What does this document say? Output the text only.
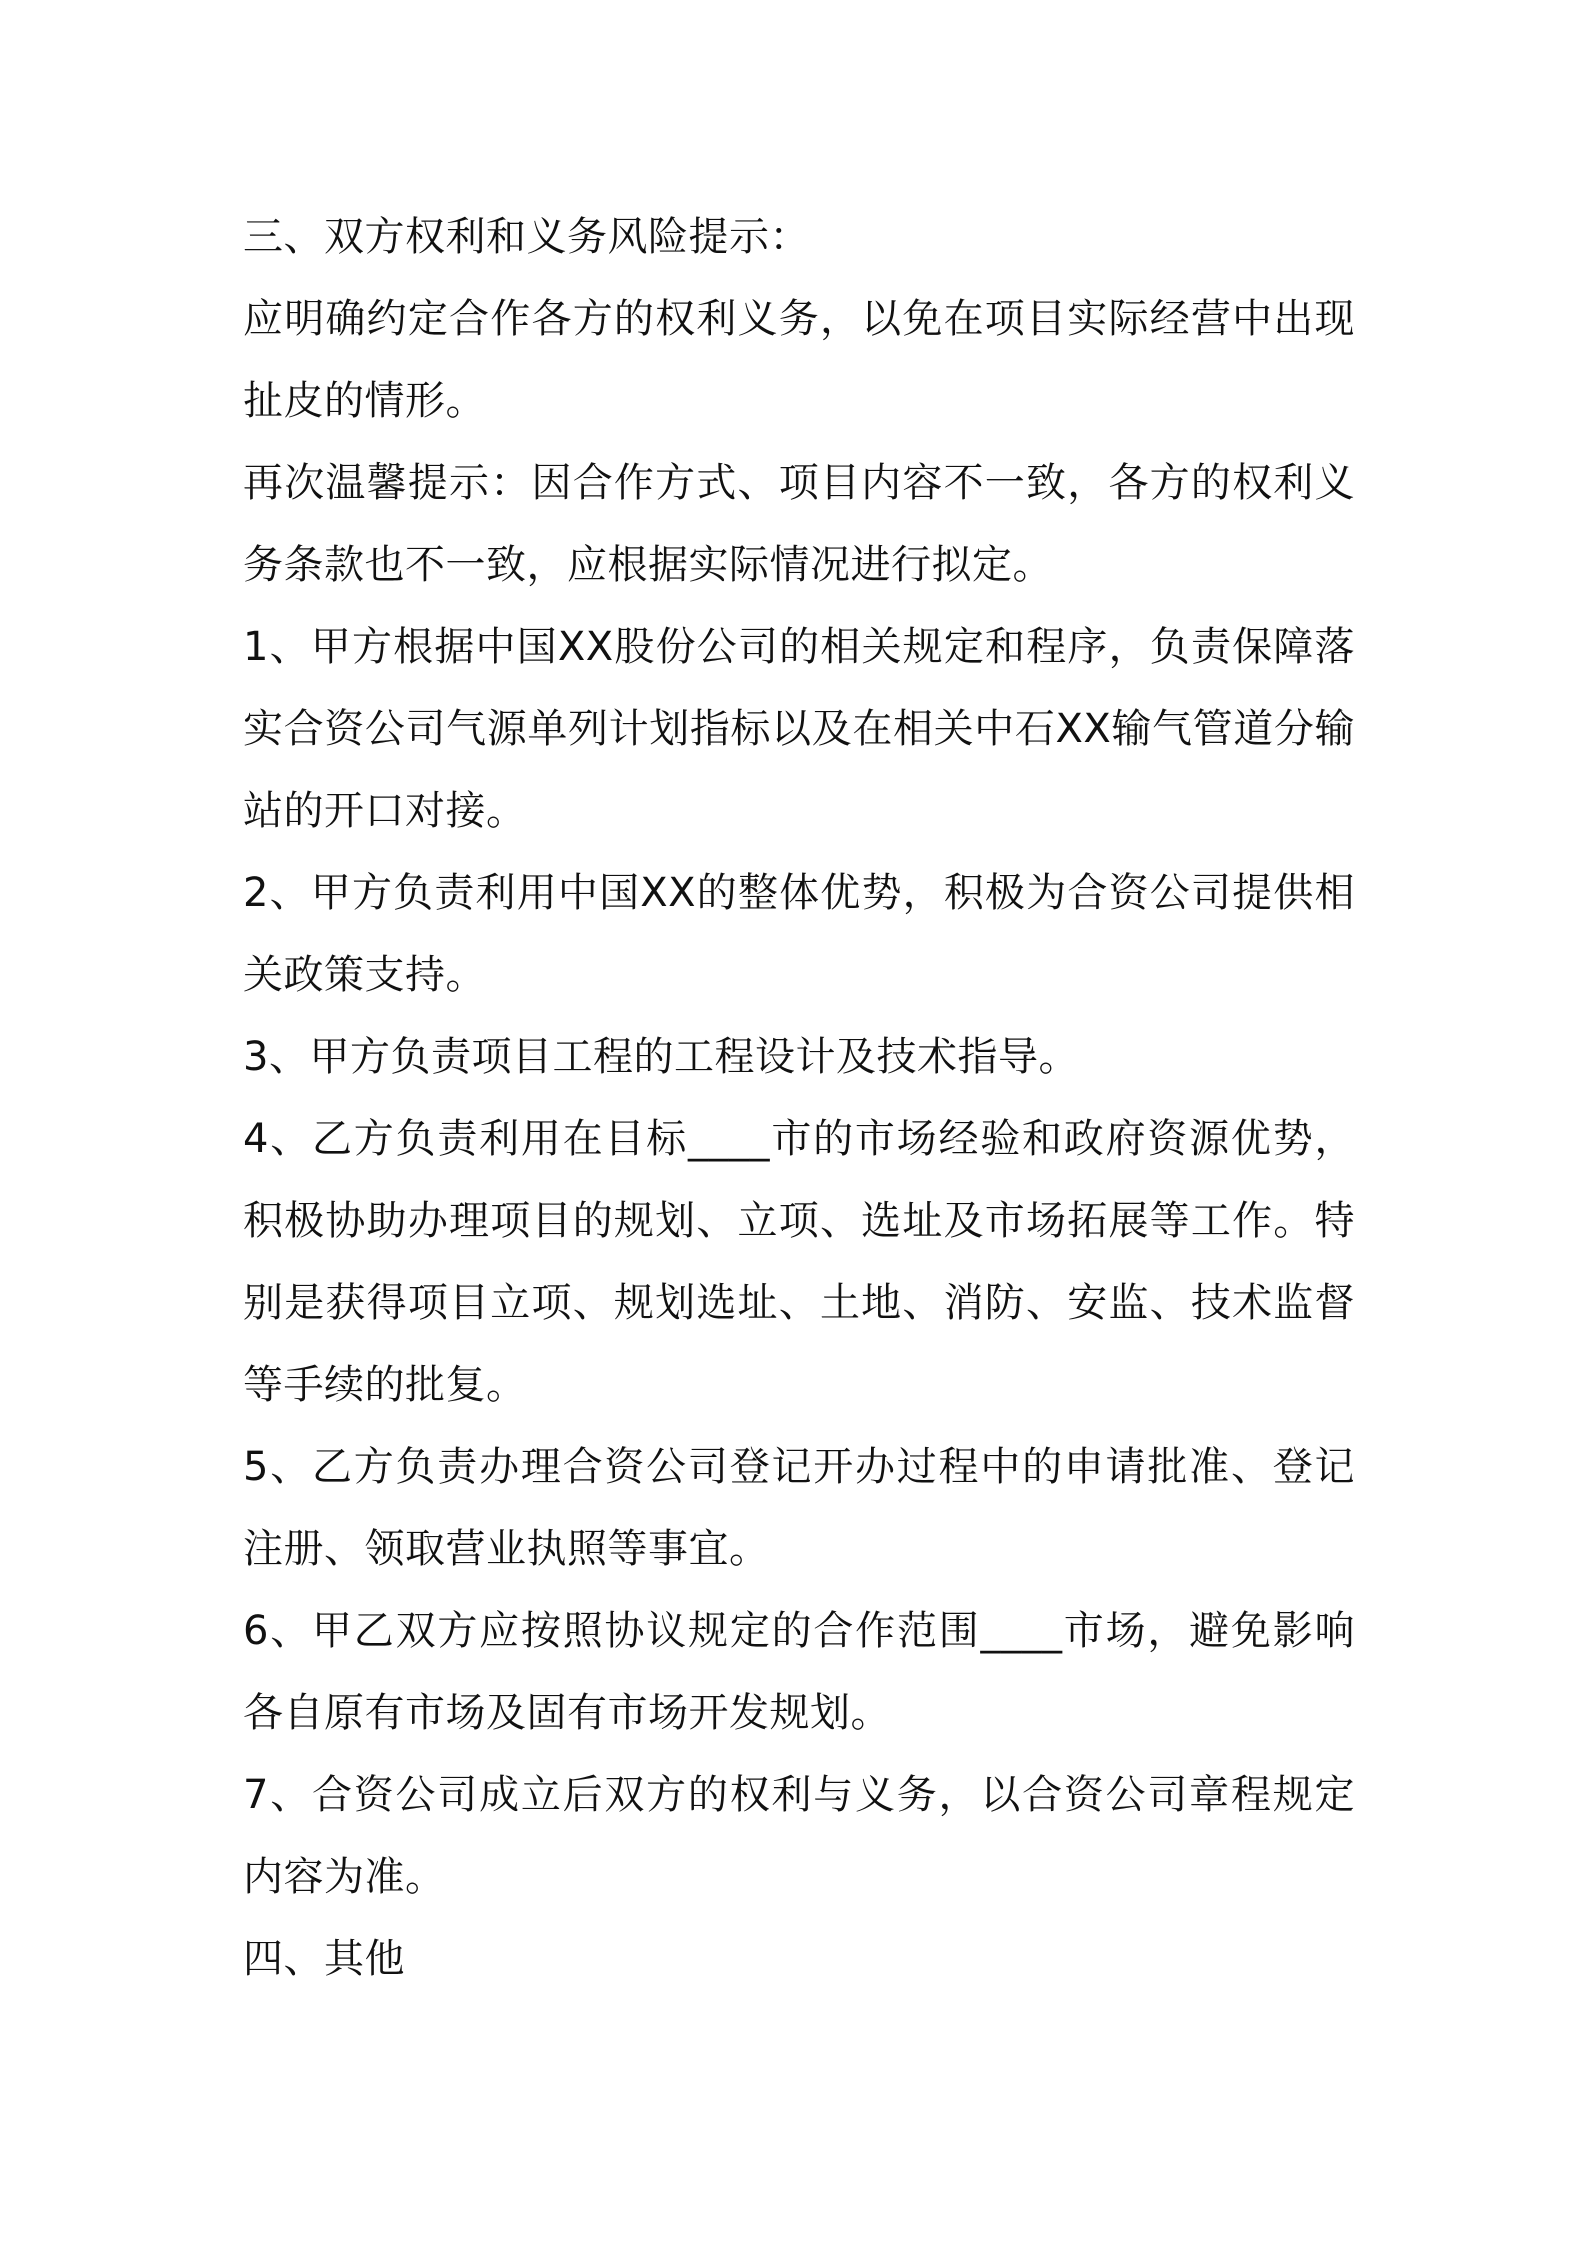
三、双方权利和义务风险提示：

应明确约定合作各方的权利义务，以免在项目实际经营中出现扯皮的情形。

再次温馨提示：因合作方式、项目内容不一致，各方的权利义务条款也不一致，应根据实际情况进行拟定。

1、甲方根据中国XX股份公司的相关规定和程序，负责保障落实合资公司气源单列计划指标以及在相关中石XX输气管道分输站的开口对接。

2、甲方负责利用中国XX的整体优势，积极为合资公司提供相关政策支持。

3、甲方负责项目工程的工程设计及技术指导。

4、乙方负责利用在目标____市的市场经验和政府资源优势，积极协助办理项目的规划、立项、选址及市场拓展等工作。特别是获得项目立项、规划选址、土地、消防、安监、技术监督等手续的批复。

5、乙方负责办理合资公司登记开办过程中的申请批准、登记注册、领取营业执照等事宜。

6、甲乙双方应按照协议规定的合作范围____市场，避免影响各自原有市场及固有市场开发规划。

7、合资公司成立后双方的权利与义务，以合资公司章程规定内容为准。

四、其他
